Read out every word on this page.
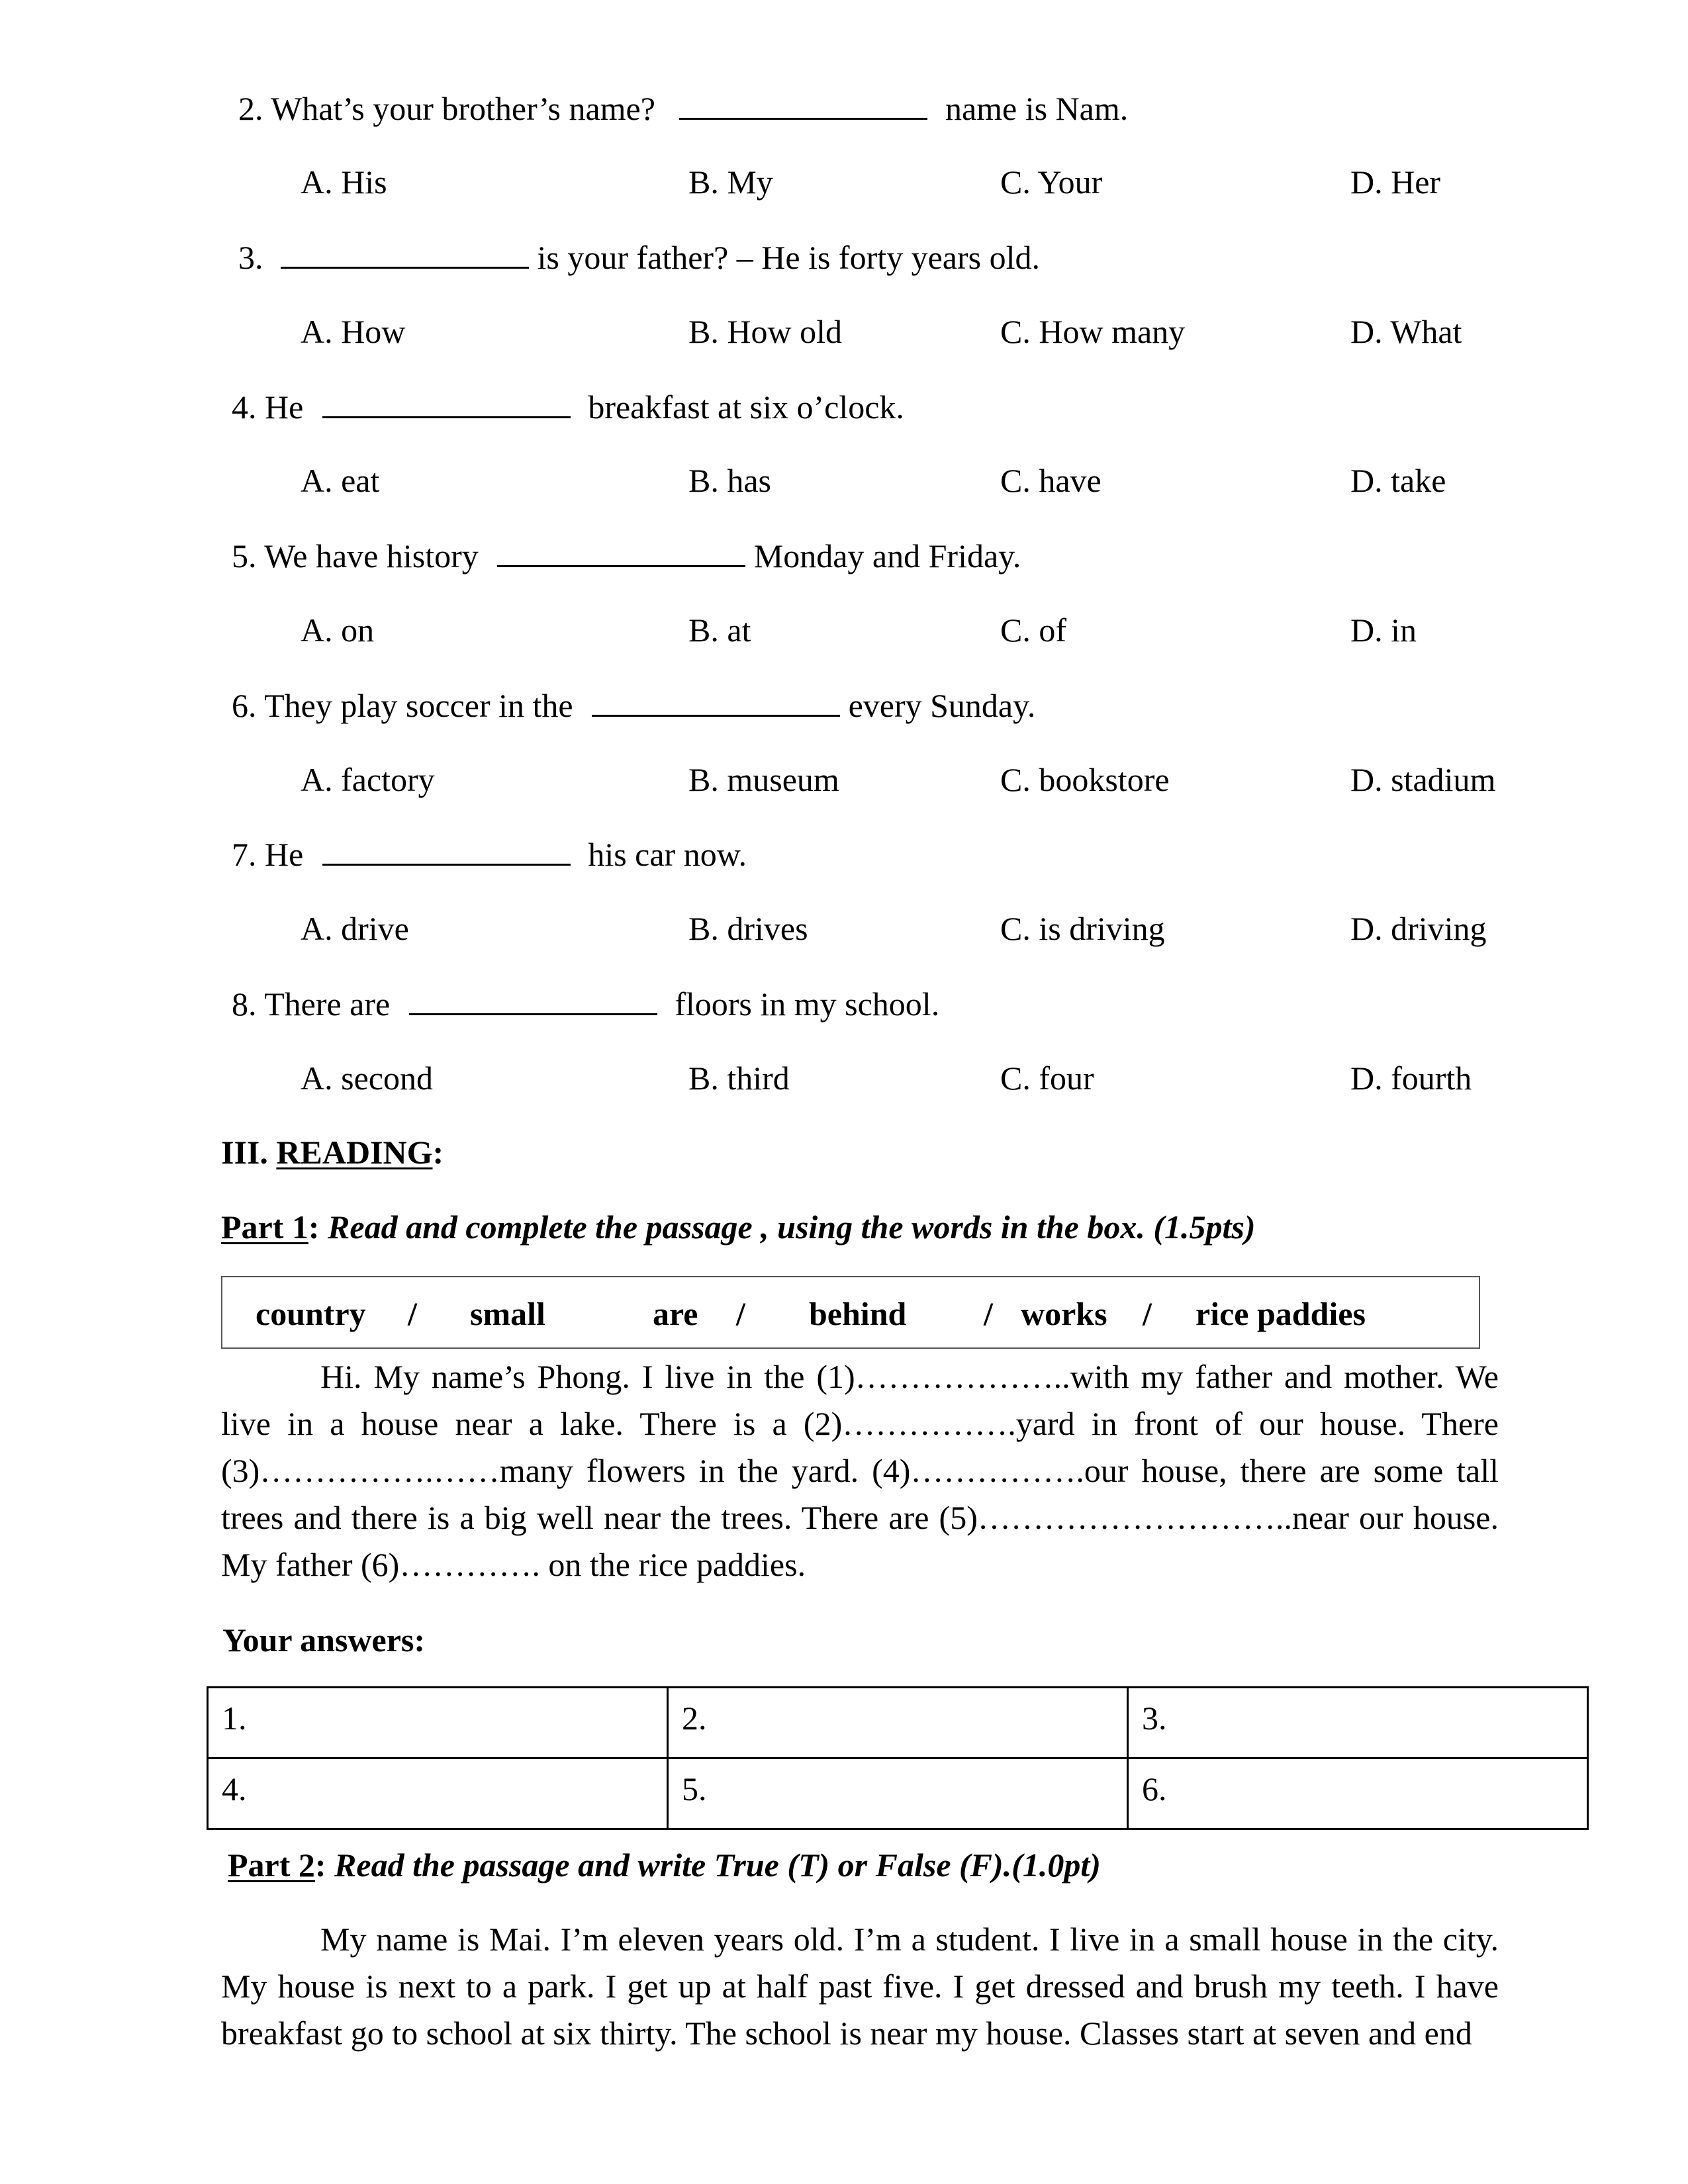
2. What’s your brother’s name?	name is Nam.
A. His	B. My	C. Your	D. Her
3.	is your father? – He is forty years old.
A. How	B. How old	C. How many	D. What
4. He	breakfast at six o’clock.
A. eat	B. has	C. have	D. take
5. We have history	Monday and Friday.
A. on	B. at	C. of	D. in
6. They play soccer in the	every Sunday.
A. factory	B. museum	C. bookstore	D. stadium
7. He	his car now.
A. drive	B. drives	C. is driving	D. driving
8. There are	floors in my school.
A. second	B. third	C. four	D. fourth
III. READING:
Part 1: Read and complete the passage , using the words in the box. (1.5pts)
country / small	are / behind / works / rice paddies

Hi. My name’s Phong. I live in the (1)………………..with my father and mother. We live in a house near a lake. There is a (2)…………….yard in front of our house. There (3)…………….……many flowers in the yard. (4)…………….our house, there are some tall trees and there is a big well near the trees. There are (5)………………………..near our house. My father (6)…………. on the rice paddies.

Your answers:
1.	2.	3.
4.	5.	6.
Part 2: Read the passage and write True (T) or False (F).(1.0pt)

My name is Mai. I’m eleven years old. I’m a student. I live in a small house in the city. My house is next to a park. I get up at half past five. I get dressed and brush my teeth. I have breakfast go to school at six thirty. The school is near my house. Classes start at seven and end
